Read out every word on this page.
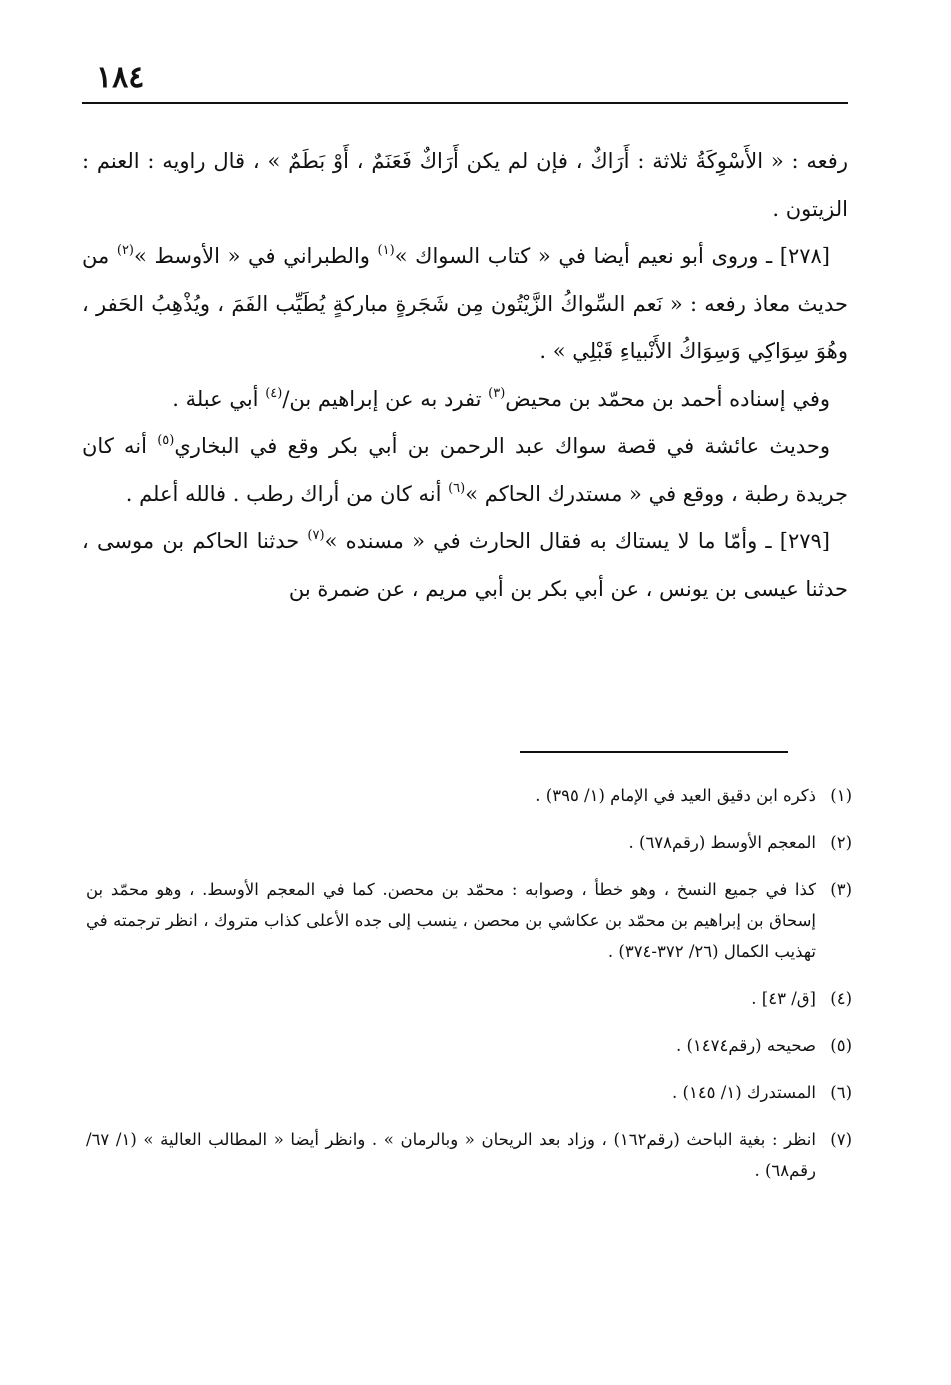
١٨٤

رفعه : « الأَسْوِكَةُ ثلاثة : أَرَاكٌ ، فإن لم يكن أَرَاكٌ فَعَنَمٌ ، أَوْ بَطَمٌ » ، قال راويه : العنم : الزيتون .

[٢٧٨] ـ وروى أبو نعيم أيضا في « كتاب السواك »$^{(١)}$ والطبراني في « الأوسط »$^{(٢)}$ من حديث معاذ رفعه : « نَعم السِّواكُ الزَّيْتُون مِن شَجَرةٍ مباركةٍ يُطَيِّب الفَمَ ، ويُذْهِبُ الحَفر ، وهُوَ سِوَاكِي وَسِوَاكُ الأَنْبياءِ قَبْلِي » .

وفي إسناده أحمد بن محمّد بن محيض$^{(٣)}$ تفرد به عن إبراهيم بن/$^{(٤)}$ أبي عبلة .

وحديث عائشة في قصة سواك عبد الرحمن بن أبي بكر وقع في البخاري$^{(٥)}$ أنه كان جريدة رطبة ، ووقع في « مستدرك الحاكم »$^{(٦)}$ أنه كان من أراك رطب . فالله أعلم .

[٢٧٩] ـ وأمّا ما لا يستاك به فقال الحارث في « مسنده »$^{(٧)}$ حدثنا الحاكم بن موسى ، حدثنا عيسى بن يونس ، عن أبي بكر بن أبي مريم ، عن ضمرة بن

(١)
ذكره ابن دقيق العيد في الإمام (١/ ٣٩٥) .
(٢)
المعجم الأوسط (رقم٦٧٨) .
(٣)
كذا في جميع النسخ ، وهو خطأ ، وصوابه : محمّد بن محصن. كما في المعجم الأوسط. ، وهو محمّد بن إسحاق بن إبراهيم بن محمّد بن عكاشي بن محصن ، ينسب إلى جده الأعلى كذاب متروك ، انظر ترجمته في تهذيب الكمال (٢٦/ ٣٧٢-٣٧٤) .
(٤)
[ق/ ٤٣] .
(٥)
صحيحه (رقم١٤٧٤) .
(٦)
المستدرك (١/ ١٤٥) .
(٧)
انظر : بغية الباحث (رقم١٦٢) ، وزاد بعد الريحان « وبالرمان » . وانظر أيضا « المطالب العالية » (١/ ٦٧/ رقم٦٨) .
